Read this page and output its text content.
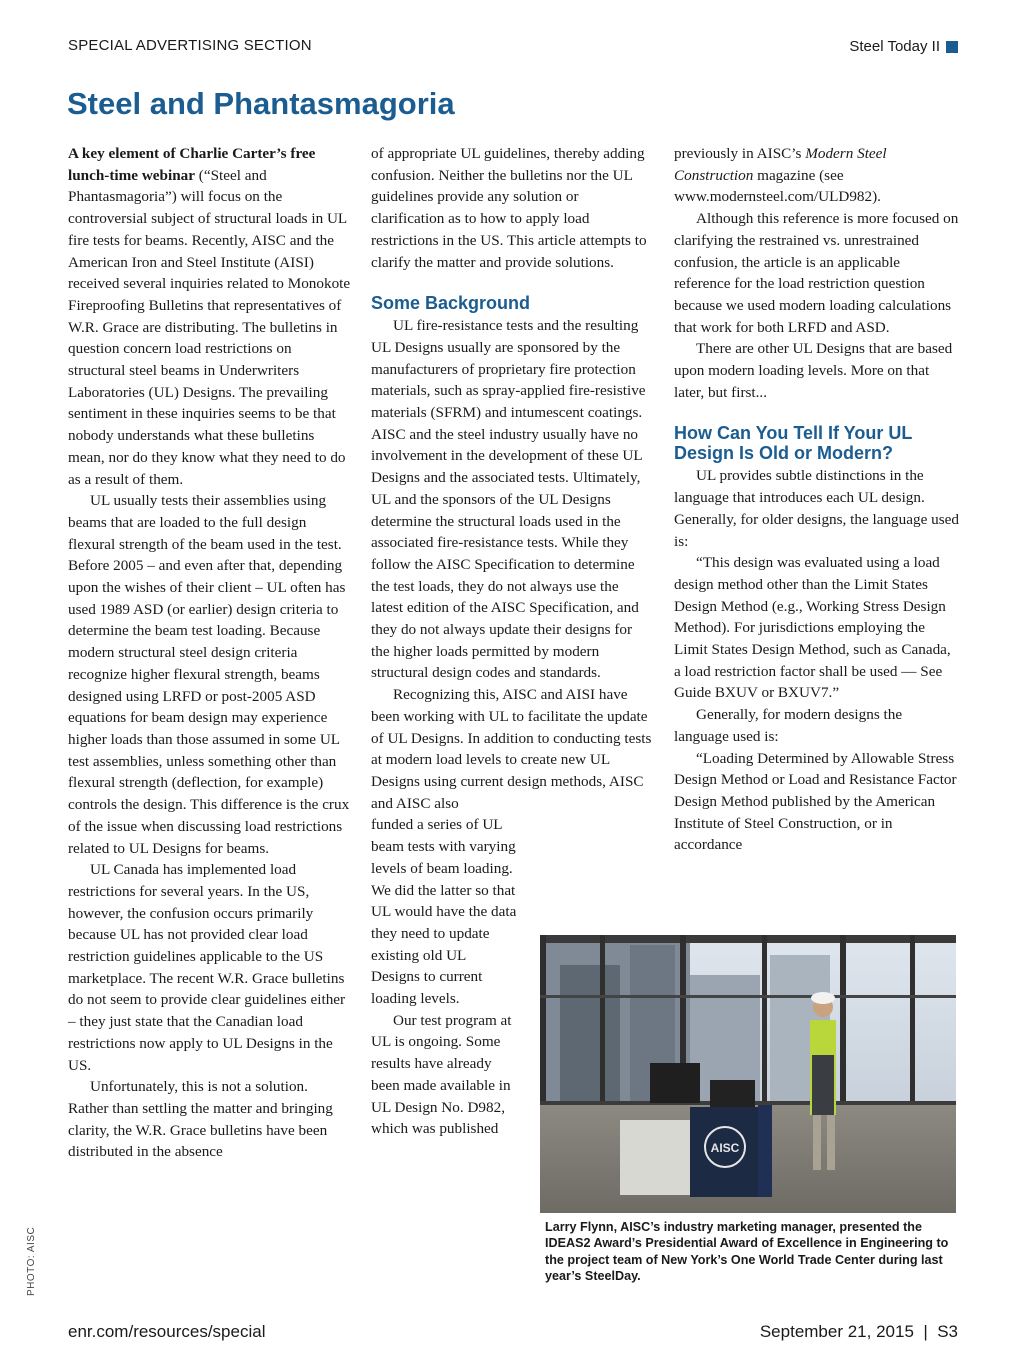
SPECIAL ADVERTISING SECTION	Steel Today II
Steel and Phantasmagoria

A key element of Charlie Carter’s free lunch-time webinar (“Steel and Phantasmagoria”) will focus on the controversial subject of structural loads in UL fire tests for beams. Recently, AISC and the American Iron and Steel Institute (AISI) received several inquiries related to Monokote Fireproofing Bulletins that representatives of W.R. Grace are distributing. The bulletins in question concern load restrictions on structural steel beams in Underwriters Laboratories (UL) Designs. The prevailing sentiment in these inquiries seems to be that nobody understands what these bulletins mean, nor do they know what they need to do as a result of them.

UL usually tests their assemblies using beams that are loaded to the full design flexural strength of the beam used in the test. Before 2005 – and even after that, depending upon the wishes of their client – UL often has used 1989 ASD (or earlier) design criteria to determine the beam test loading. Because modern structural steel design criteria recognize higher flexural strength, beams designed using LRFD or post-2005 ASD equations for beam design may experience higher loads than those assumed in some UL test assemblies, unless something other than flexural strength (deflection, for example) controls the design. This difference is the crux of the issue when discussing load restrictions related to UL Designs for beams.

UL Canada has implemented load restrictions for several years. In the US, however, the confusion occurs primarily because UL has not provided clear load restriction guidelines applicable to the US marketplace. The recent W.R. Grace bulletins do not seem to provide clear guidelines either – they just state that the Canadian load restrictions now apply to UL Designs in the US.

Unfortunately, this is not a solution. Rather than settling the matter and bringing clarity, the W.R. Grace bulletins have been distributed in the absence

of appropriate UL guidelines, thereby adding confusion. Neither the bulletins nor the UL guidelines provide any solution or clarification as to how to apply load restrictions in the US. This article attempts to clarify the matter and provide solutions.

Some Background

UL fire-resistance tests and the resulting UL Designs usually are sponsored by the manufacturers of proprietary fire protection materials, such as spray-applied fire-resistive materials (SFRM) and intumescent coatings. AISC and the steel industry usually have no involvement in the development of these UL Designs and the associated tests. Ultimately, UL and the sponsors of the UL Designs determine the structural loads used in the associated fire-resistance tests. While they follow the AISC Specification to determine the test loads, they do not always use the latest edition of the AISC Specification, and they do not always update their designs for the higher loads permitted by modern structural design codes and standards.

Recognizing this, AISC and AISI have been working with UL to facilitate the update of UL Designs. In addition to conducting tests at modern load levels to create new UL Designs using current design methods, AISC and AISC also

funded a series of UL beam tests with varying levels of beam loading. We did the latter so that UL would have the data they need to update existing old UL Designs to current loading levels.

Our test program at UL is ongoing. Some results have already been made available in UL Design No. D982, which was published

previously in AISC’s Modern Steel Construction magazine (see www.modernsteel.com/ULD982).

Although this reference is more focused on clarifying the restrained vs. unrestrained confusion, the article is an applicable reference for the load restriction question because we used modern loading calculations that work for both LRFD and ASD.

There are other UL Designs that are based upon modern loading levels. More on that later, but first...

How Can You Tell If Your UL Design Is Old or Modern?

UL provides subtle distinctions in the language that introduces each UL design. Generally, for older designs, the language used is:

“This design was evaluated using a load design method other than the Limit States Design Method (e.g., Working Stress Design Method). For jurisdictions employing the Limit States Design Method, such as Canada, a load restriction factor shall be used — See Guide BXUV or BXUV7.”

Generally, for modern designs the language used is:

“Loading Determined by Allowable Stress Design Method or Load and Resistance Factor Design Method published by the American Institute of Steel Construction, or in accordance

AISC
Larry Flynn, AISC’s industry marketing manager, presented the IDEAS2 Award’s Presidential Award of Excellence in Engineering to the project team of New York’s One World Trade Center during last year’s SteelDay.
PHOTO: AISC
enr.com/resources/special	September 21, 2015  |  S3
